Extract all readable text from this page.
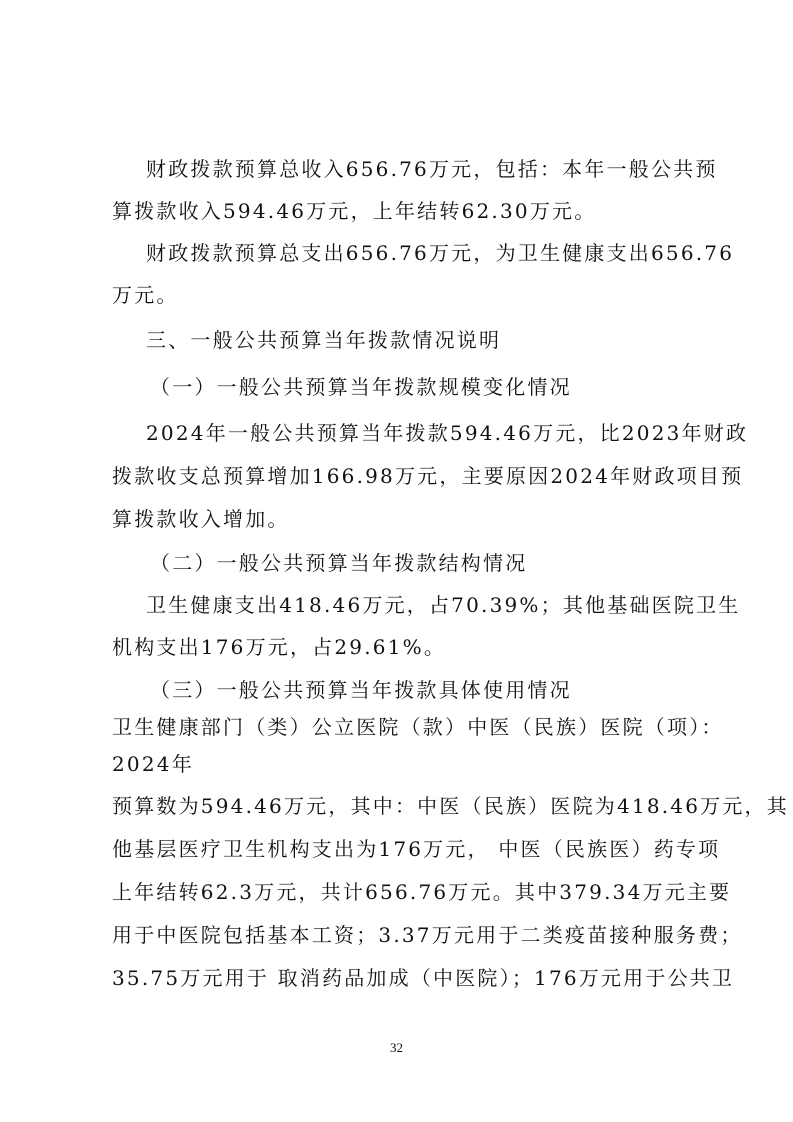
财政拨款预算总收入656.76万元，包括：本年一般公共预
算拨款收入594.46万元，上年结转62.30万元。
财政拨款预算总支出656.76万元，为卫生健康支出656.76
万元。
三、一般公共预算当年拨款情况说明
（一）一般公共预算当年拨款规模变化情况
2024年一般公共预算当年拨款594.46万元，比2023年财政
拨款收支总预算增加166.98万元，主要原因2024年财政项目预
算拨款收入增加。
（二）一般公共预算当年拨款结构情况
卫生健康支出418.46万元，占70.39%；其他基础医院卫生
机构支出176万元，占29.61%。
（三）一般公共预算当年拨款具体使用情况
卫生健康部门（类）公立医院（款）中医（民族）医院（项）：
2024年
预算数为594.46万元，其中：中医（民族）医院为418.46万元，其
他基层医疗卫生机构支出为176万元， 中医（民族医）药专项
上年结转62.3万元，共计656.76万元。其中379.34万元主要
用于中医院包括基本工资；3.37万元用于二类疫苗接种服务费；
35.75万元用于 取消药品加成（中医院）；176万元用于公共卫
32
